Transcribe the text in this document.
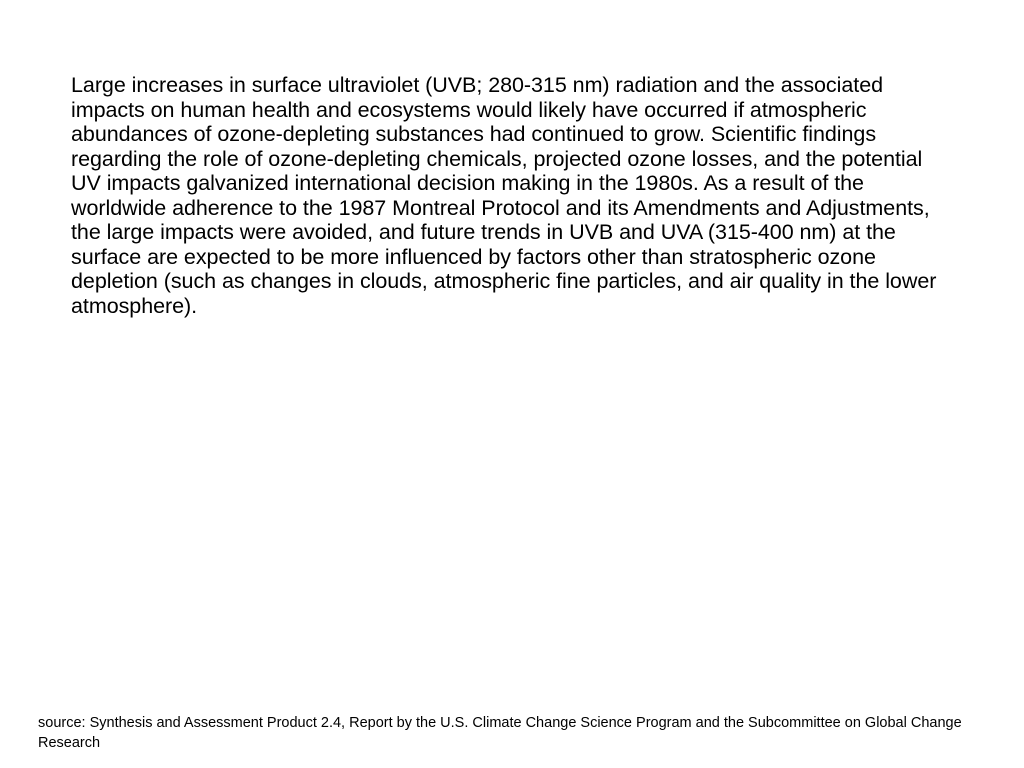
Large increases in surface ultraviolet (UVB; 280-315 nm) radiation and the associated impacts on human health and ecosystems would likely have occurred if atmospheric abundances of ozone-depleting substances had continued to grow. Scientific findings regarding the role of ozone-depleting chemicals, projected ozone losses, and the potential UV impacts galvanized international decision making in the 1980s. As a result of the worldwide adherence to the 1987 Montreal Protocol and its Amendments and Adjustments, the large impacts were avoided, and future trends in UVB and UVA (315-400 nm) at the surface are expected to be more influenced by factors other than stratospheric ozone depletion (such as changes in clouds, atmospheric fine particles, and air quality in the lower atmosphere).

source: Synthesis and Assessment Product 2.4, Report by the U.S. Climate Change Science Program and the Subcommittee on Global Change Research
